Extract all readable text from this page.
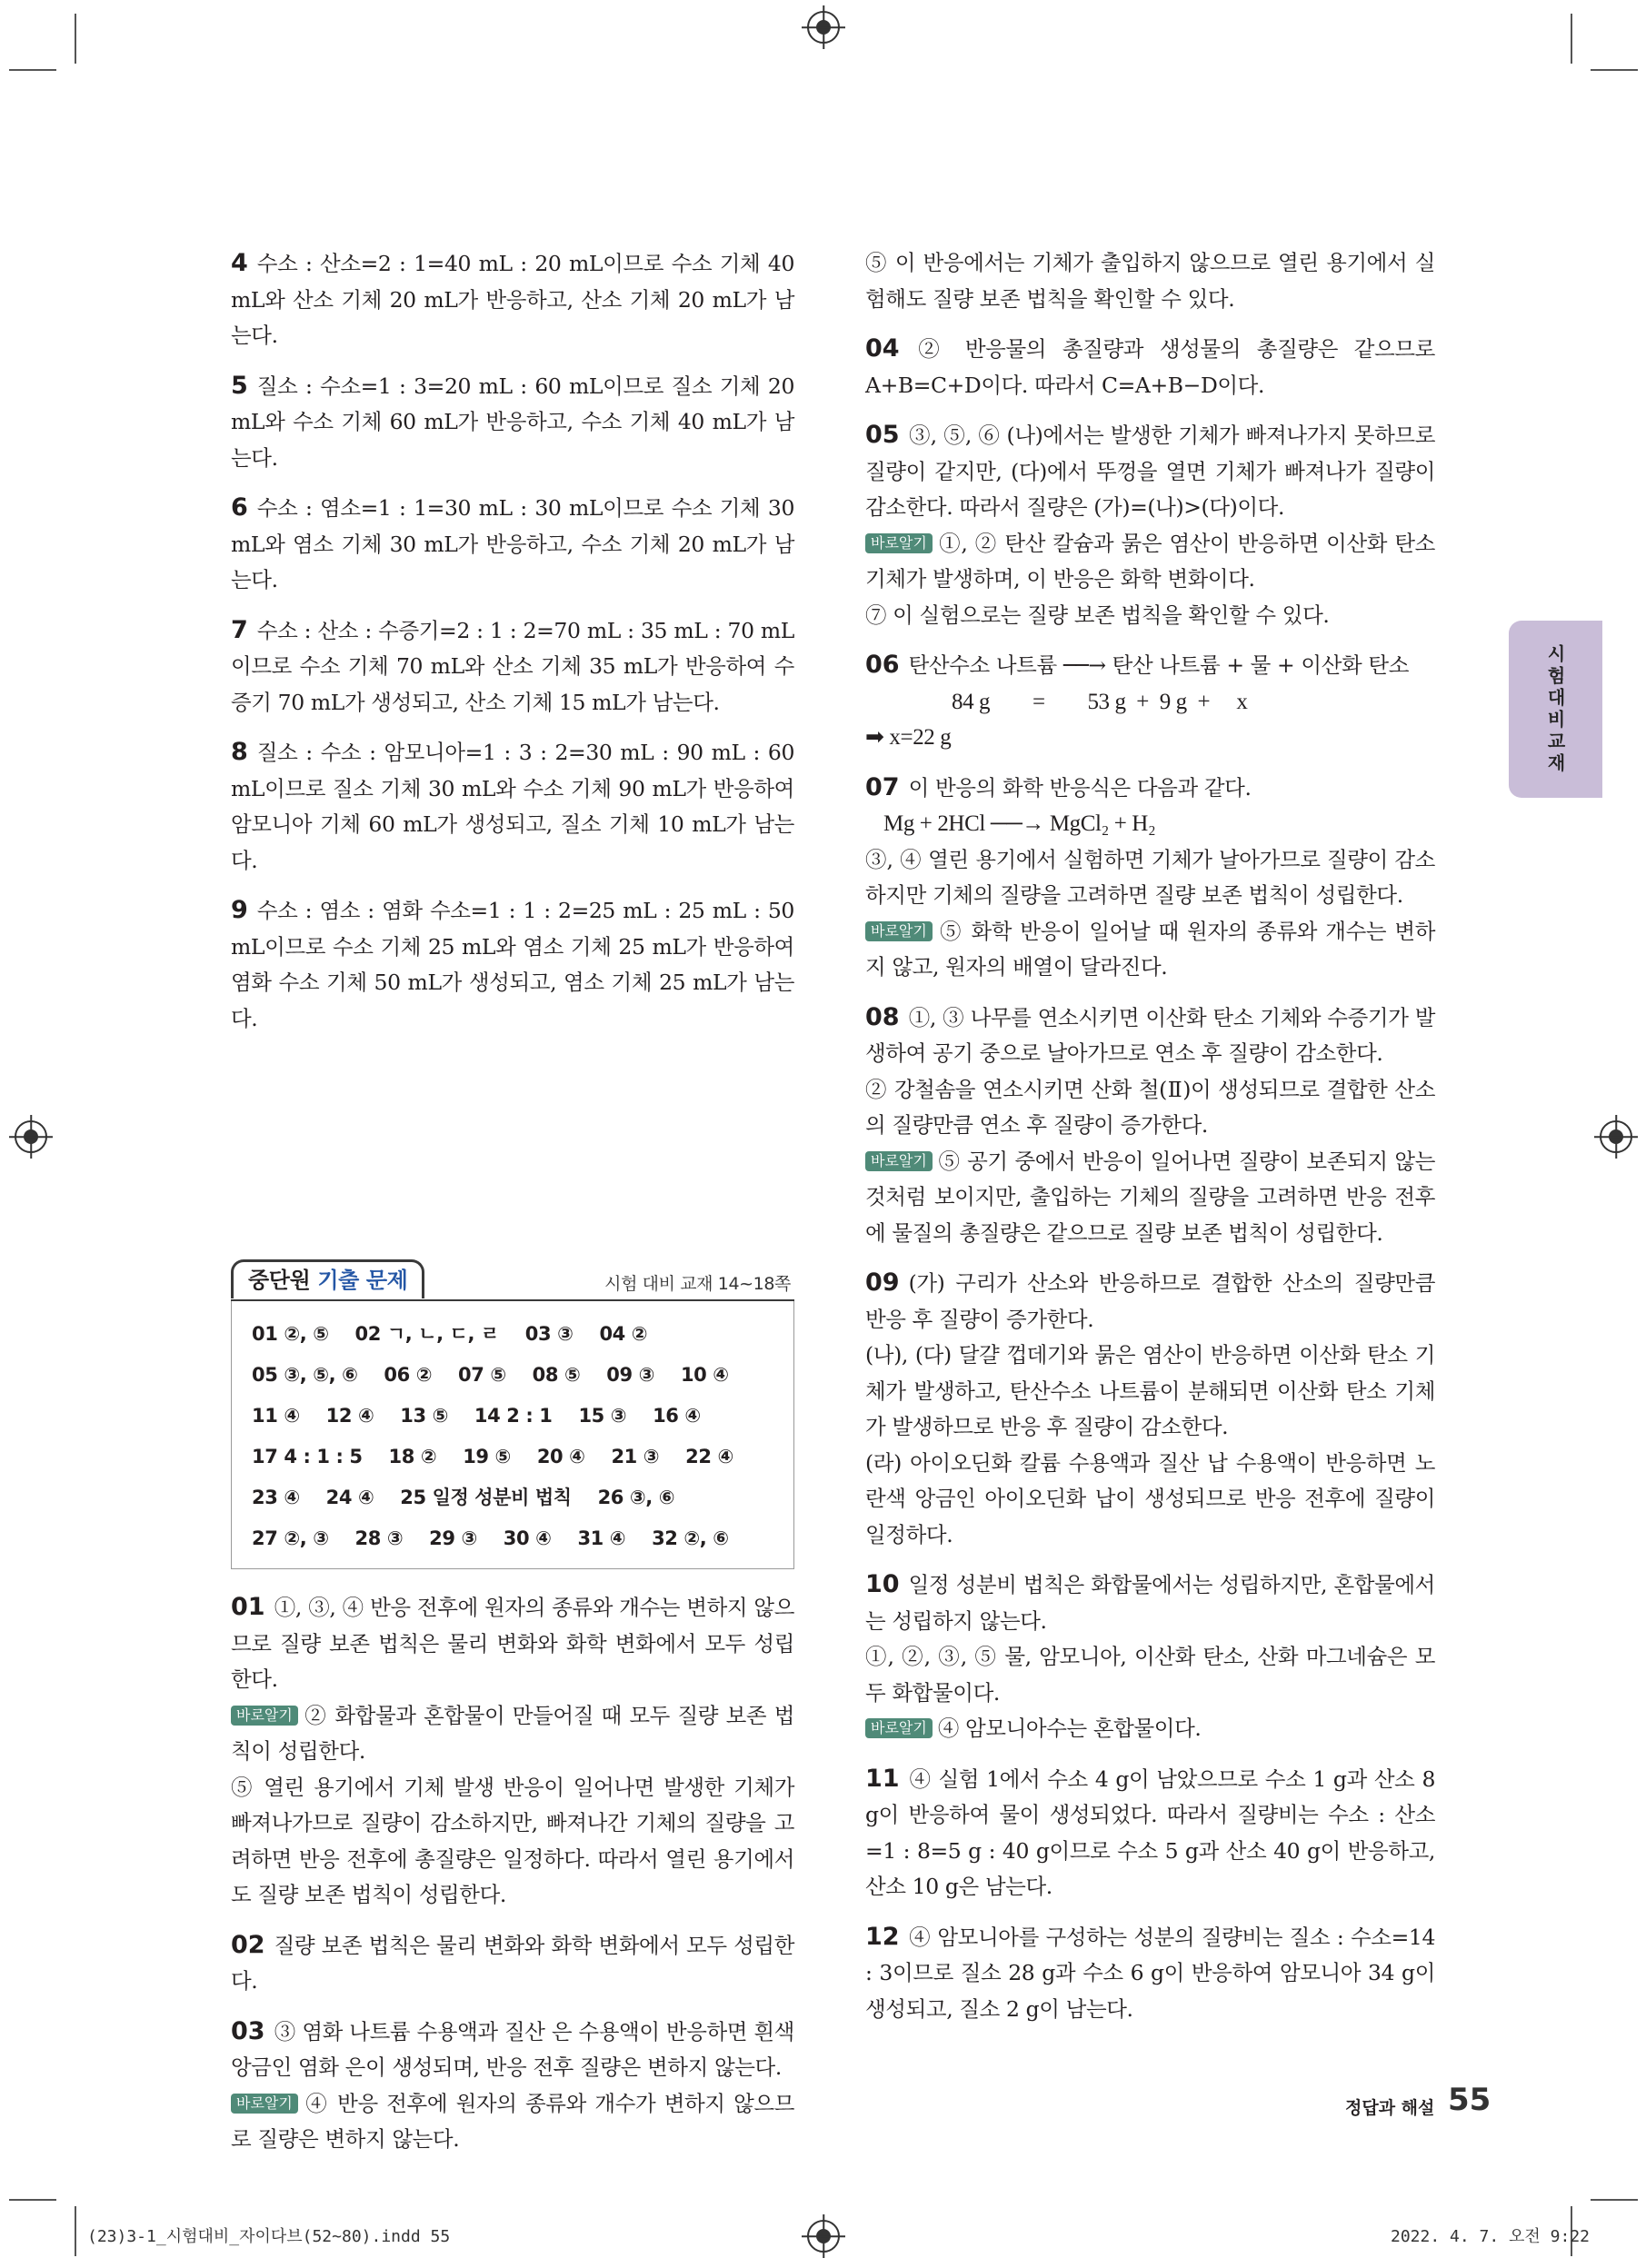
4 수소 : 산소=2 : 1=40 mL : 20 mL이므로 수소 기체 40 mL와 산소 기체 20 mL가 반응하고, 산소 기체 20 mL가 남는다.

5 질소 : 수소=1 : 3=20 mL : 60 mL이므로 질소 기체 20 mL와 수소 기체 60 mL가 반응하고, 수소 기체 40 mL가 남는다.

6 수소 : 염소=1 : 1=30 mL : 30 mL이므로 수소 기체 30 mL와 염소 기체 30 mL가 반응하고, 수소 기체 20 mL가 남는다.

7 수소 : 산소 : 수증기=2 : 1 : 2=70 mL : 35 mL : 70 mL이므로 수소 기체 70 mL와 산소 기체 35 mL가 반응하여 수증기 70 mL가 생성되고, 산소 기체 15 mL가 남는다.

8 질소 : 수소 : 암모니아=1 : 3 : 2=30 mL : 90 mL : 60 mL이므로 질소 기체 30 mL와 수소 기체 90 mL가 반응하여 암모니아 기체 60 mL가 생성되고, 질소 기체 10 mL가 남는다.

9 수소 : 염소 : 염화 수소=1 : 1 : 2=25 mL : 25 mL : 50 mL이므로 수소 기체 25 mL와 염소 기체 25 mL가 반응하여 염화 수소 기체 50 mL가 생성되고, 염소 기체 25 mL가 남는다.

중단원 기출 문제	시험 대비 교재 14~18쪽
01 ②, ⑤ 02 ㄱ, ㄴ, ㄷ, ㄹ 03 ③ 04 ② 05 ③, ⑤, ⑥ 06 ② 07 ⑤ 08 ⑤ 09 ③ 10 ④ 11 ④ 12 ④ 13 ⑤ 14 2 : 1 15 ③ 16 ④ 17 4 : 1 : 5 18 ② 19 ⑤ 20 ④ 21 ③ 22 ④ 23 ④ 24 ④ 25 일정 성분비 법칙 26 ③, ⑥ 27 ②, ③ 28 ③ 29 ③ 30 ④ 31 ④ 32 ②, ⑥

01 ①, ③, ④ 반응 전후에 원자의 종류와 개수는 변하지 않으므로 질량 보존 법칙은 물리 변화와 화학 변화에서 모두 성립한다.

바로알기 ② 화합물과 혼합물이 만들어질 때 모두 질량 보존 법칙이 성립한다.

⑤ 열린 용기에서 기체 발생 반응이 일어나면 발생한 기체가 빠져나가므로 질량이 감소하지만, 빠져나간 기체의 질량을 고려하면 반응 전후에 총질량은 일정하다. 따라서 열린 용기에서도 질량 보존 법칙이 성립한다.

02 질량 보존 법칙은 물리 변화와 화학 변화에서 모두 성립한다.

03 ③ 염화 나트륨 수용액과 질산 은 수용액이 반응하면 흰색 앙금인 염화 은이 생성되며, 반응 전후 질량은 변하지 않는다.

바로알기 ④ 반응 전후에 원자의 종류와 개수가 변하지 않으므로 질량은 변하지 않는다.

⑤ 이 반응에서는 기체가 출입하지 않으므로 열린 용기에서 실험해도 질량 보존 법칙을 확인할 수 있다.

04 ② 반응물의 총질량과 생성물의 총질량은 같으므로 A+B=C+D이다. 따라서 C=A+B−D이다.

05 ③, ⑤, ⑥ (나)에서는 발생한 기체가 빠져나가지 못하므로 질량이 같지만, (다)에서 뚜껑을 열면 기체가 빠져나가 질량이 감소한다. 따라서 질량은 (가)=(나)>(다)이다.

바로알기 ①, ② 탄산 칼슘과 묽은 염산이 반응하면 이산화 탄소 기체가 발생하며, 이 반응은 화학 변화이다.

⑦ 이 실험으로는 질량 보존 법칙을 확인할 수 있다.

06 탄산수소 나트륨 ──→ 탄산 나트륨 + 물 + 이산화 탄소

84 g        =        53 g  +  9 g  +     x

➡ x=22 g

07 이 반응의 화학 반응식은 다음과 같다.

Mg + 2HCl ──→ MgCl₂ + H₂

③, ④ 열린 용기에서 실험하면 기체가 날아가므로 질량이 감소하지만 기체의 질량을 고려하면 질량 보존 법칙이 성립한다.

바로알기 ⑤ 화학 반응이 일어날 때 원자의 종류와 개수는 변하지 않고, 원자의 배열이 달라진다.

08 ①, ③ 나무를 연소시키면 이산화 탄소 기체와 수증기가 발생하여 공기 중으로 날아가므로 연소 후 질량이 감소한다.

② 강철솜을 연소시키면 산화 철(Ⅱ)이 생성되므로 결합한 산소의 질량만큼 연소 후 질량이 증가한다.

바로알기 ⑤ 공기 중에서 반응이 일어나면 질량이 보존되지 않는 것처럼 보이지만, 출입하는 기체의 질량을 고려하면 반응 전후에 물질의 총질량은 같으므로 질량 보존 법칙이 성립한다.

09 (가) 구리가 산소와 반응하므로 결합한 산소의 질량만큼 반응 후 질량이 증가한다.

(나), (다) 달걀 껍데기와 묽은 염산이 반응하면 이산화 탄소 기체가 발생하고, 탄산수소 나트륨이 분해되면 이산화 탄소 기체가 발생하므로 반응 후 질량이 감소한다.

(라) 아이오딘화 칼륨 수용액과 질산 납 수용액이 반응하면 노란색 앙금인 아이오딘화 납이 생성되므로 반응 전후에 질량이 일정하다.

10 일정 성분비 법칙은 화합물에서는 성립하지만, 혼합물에서는 성립하지 않는다.

①, ②, ③, ⑤ 물, 암모니아, 이산화 탄소, 산화 마그네슘은 모두 화합물이다.

바로알기 ④ 암모니아수는 혼합물이다.

11 ④ 실험 1에서 수소 4 g이 남았으므로 수소 1 g과 산소 8 g이 반응하여 물이 생성되었다. 따라서 질량비는 수소 : 산소=1 : 8=5 g : 40 g이므로 수소 5 g과 산소 40 g이 반응하고, 산소 10 g은 남는다.

12 ④ 암모니아를 구성하는 성분의 질량비는 질소 : 수소=14 : 3이므로 질소 28 g과 수소 6 g이 반응하여 암모니아 34 g이 생성되고, 질소 2 g이 남는다.

시험대비교재
정답과 해설 55
(23)3-1_시험대비_자이다브(52~80).indd 55	2022. 4. 7. 오전 9:22
